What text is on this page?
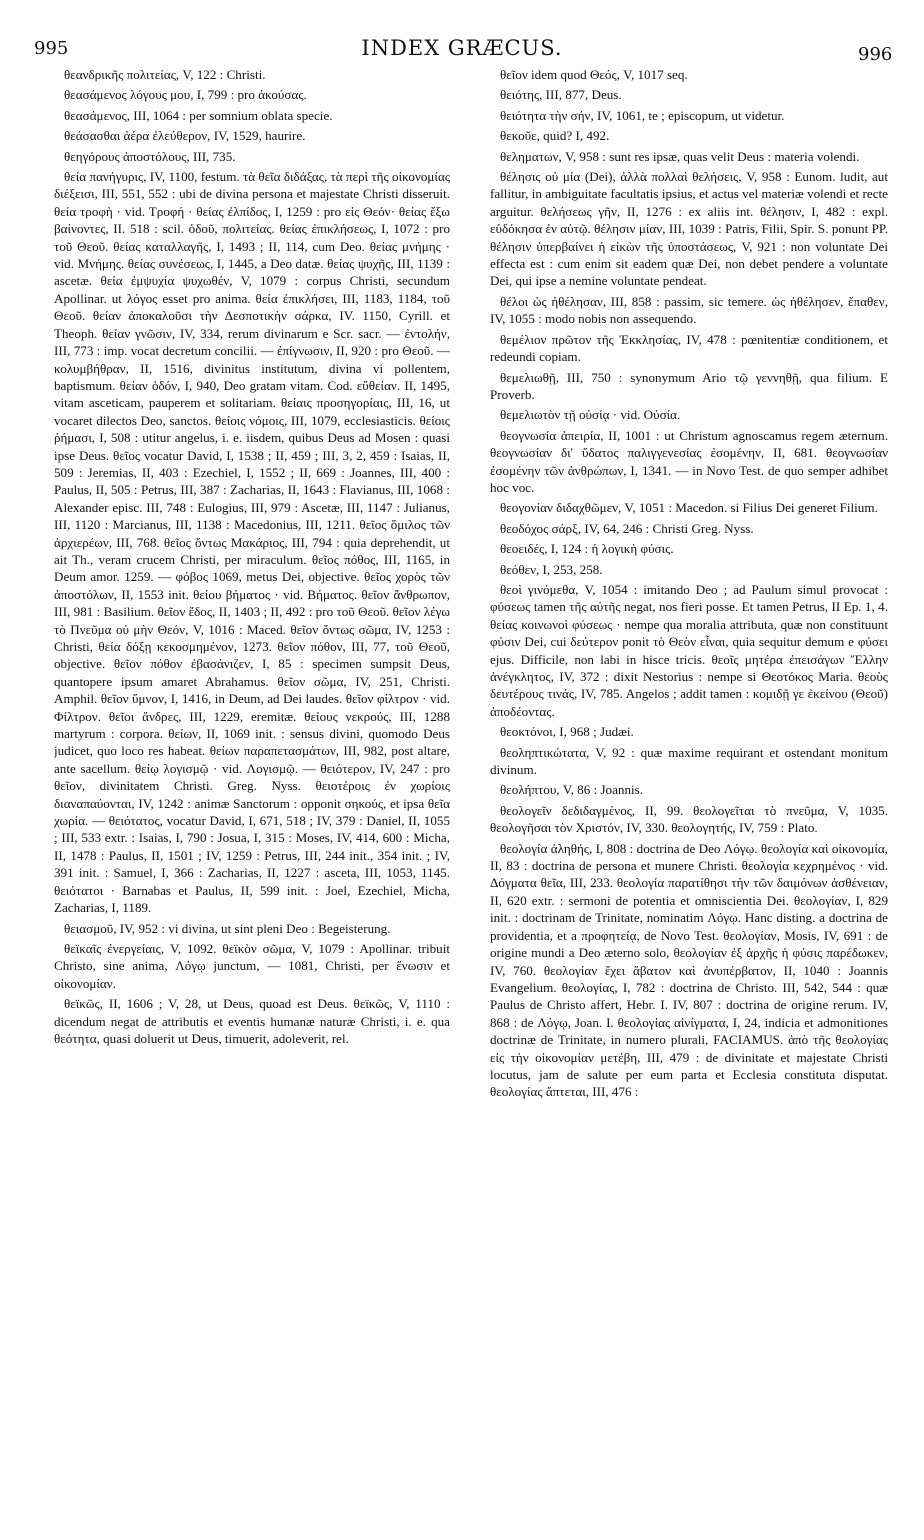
995	INDEX GRÆCUS.	996

θεανδρικῆς πολιτείας, V, 122 : Christi.

θεασάμενος λόγους μου, I, 799 : pro ἀκούσας.

θεασάμενος, III, 1064 : per somnium oblata specie.

θεάσασθαι ἀέρα ἐλεύθερον, IV, 1529, haurire.

θεηγόρους ἀποστόλους, III, 735.

θεία πανήγυρις, IV, 1100, festum. τὰ θεῖα διδάξας, τὰ περὶ τῆς οἰκονομίας διέξεισι, III, 551, 552 : ubi de divina persona et majestate Christi disseruit. θεία τροφὴ · vid. Τροφή · θείας ἐλπίδος, I, 1259 : pro εἰς Θεόν· θείας ἔξω βαίνοντες, II. 518 : scil. ὁδοῦ, πολιτείας. θείας ἐπικλήσεως, I, 1072 : pro τοῦ Θεοῦ. θείας καταλλαγῆς, I, 1493 ; II, 114, cum Deo. θείας μνήμης · vid. Μνήμης. θείας συνέσεως, I, 1445, a Deo datæ. θείας ψυχῆς, III, 1139 : ascetæ. θεία ἐμψυχία ψυχωθέν, V, 1079 : corpus Christi, secundum Apollinar. ut λόγος esset pro anima. θεία ἐπικλήσει, III, 1183, 1184, τοῦ Θεοῦ. θείαν ἀποκαλοῦσι τὴν Δεσποτικὴν σάρκα, IV. 1150, Cyrill. et Theoph. θείαν γνῶσιν, IV, 334, rerum divinarum e Scr. sacr. — ἐντολήν, III, 773 : imp. vocat decretum concilii. — ἐπίγνωσιν, II, 920 : pro Θεοῦ. — κολυμβήθραν, II, 1516, divinitus institutum, divina vi pollentem, baptismum. θείαν ὁδόν, I, 940, Deo gratam vitam. Cod. εὔθείαν. II, 1495, vitam asceticam, pauperem et solitariam. θείαις προσηγορίαις, III, 16, ut vocaret dilectos Deo, sanctos. θείοις νόμοις, III, 1079, ecclesiasticis. θείοις ῥήμασι, I, 508 : utitur angelus, i. e. iisdem, quibus Deus ad Mosen : quasi ipse Deus. θεῖος vocatur David, I, 1538 ; II, 459 ; III, 3, 2, 459 : Isaias, II, 509 : Jeremias, II, 403 : Ezechiel, I, 1552 ; II, 669 : Joannes, III, 400 : Paulus, II, 505 : Petrus, III, 387 : Zacharias, II, 1643 : Flavianus, III, 1068 : Alexander episc. III, 748 : Eulogius, III, 979 : Ascetæ, III, 1147 : Julianus, III, 1120 : Marcianus, III, 1138 : Macedonius, III, 1211. θεῖος ὅμιλος τῶν ἀρχιερέων, III, 768. θεῖος ὄντως Μακάριος, III, 794 : quia deprehendit, ut ait Th., veram crucem Christi, per miraculum. θεῖος πόθος, III, 1165, in Deum amor. 1259. — φόβος 1069, metus Dei, objective. θεῖος χορὸς τῶν ἀποστόλων, II, 1553 init. θείου βήματος · vid. Βήματος. θεῖον ἄνθρωπον, III, 981 : Basilium. θεῖον ἔδος, II, 1403 ; II, 492 : pro τοῦ Θεοῦ. θεῖον λέγω τὸ Πνεῦμα οὐ μὴν Θεόν, V, 1016 : Maced. θεῖον ὄντως σῶμα, IV, 1253 : Christi, θεία δόξῃ κεκοσμημένον, 1273. θεῖον πόθον, III, 77, τοῦ Θεοῦ, objective. θεῖον πόθον ἐβασάνιζεν, I, 85 : specimen sumpsit Deus, quantopere ipsum amaret Abrahamus. θεῖον σῶμα, IV, 251, Christi. Amphil. θεῖον ὕμνον, I, 1416, in Deum, ad Dei laudes. θεῖον φίλτρον · vid. Φίλτρον. θεῖοι ἄνδρες, III, 1229, eremitæ. θείους νεκρούς, III, 1288 martyrum : corpora. θείων, II, 1069 init. : sensus divini, quomodo Deus judicet, quo loco res habeat. θείων παραπετασμάτων, III, 982, post altare, ante sacellum. θείῳ λογισμῷ · vid. Λογισμῷ. — θειότερον, IV, 247 : pro θεῖον, divinitatem Christi. Greg. Nyss. θειοτέροις ἐν χωρίοις διαναπαύονται, IV, 1242 : animæ Sanctorum : opponit σηκούς, et ipsa θεῖα χωρία. — θειότατος, vocatur David, I, 671, 518 ; IV, 379 : Daniel, II, 1055 ; III, 533 extr. : Isaias, I, 790 : Josua, I, 315 : Moses, IV, 414, 600 : Micha, II, 1478 : Paulus, II, 1501 ; IV, 1259 : Petrus, III, 244 init., 354 init. ; IV, 391 init. : Samuel, I, 366 : Zacharias, II, 1227 : asceta, III, 1053, 1145. θειότατοι · Barnabas et Paulus, II, 599 init. : Joel, Ezechiel, Micha, Zacharias, I, 1189.

θειασμοῦ, IV, 952 : vi divina, ut sint pleni Deo : Begeisterung.

θεϊκαῖς ἐνεργείαις, V, 1092. θεϊκὸν σῶμα, V, 1079 : Apollinar. tribuit Christo, sine anima, Λόγῳ junctum, — 1081, Christi, per ἕνωσιν et οἰκονομίαν.

θεϊκῶς, II, 1606 ; V, 28, ut Deus, quoad est Deus. θεϊκῶς, V, 1110 : dicendum negat de attributis et eventis humanæ naturæ Christi, i. e. qua θεότητα, quasi doluerit ut Deus, timuerit, adoleverit, rel.

θεῖον idem quod Θεός, V, 1017 seq.

θειότης, III, 877, Deus.

θειότητα τὴν σήν, IV, 1061, te ; episcopum, ut videtur.

θεκοῦε, quid? I, 492.

θεληματων, V, 958 : sunt res ipsæ, quas velit Deus : materia volendi.

θέλησις οὐ μία (Dei), ἀλλὰ πολλαὶ θελήσεις, V, 958 : Eunom. ludit, aut fallitur, in ambiguitate facultatis ipsius, et actus vel materiæ volendi et recte arguitur. θελήσεως γῆν, II, 1276 : ex aliis int. θέλησιν, I, 482 : expl. εὐδόκησα ἐν αὐτῷ. θέλησιν μίαν, III, 1039 : Patris, Filii, Spir. S. ponunt PP. θέλησιν ὑπερβαίνει ἡ εἰκὼν τῆς ὑποστάσεως, V, 921 : non voluntate Dei effecta est : cum enim sit eadem quæ Dei, non debet pendere a voluntate Dei, qui ipse a nemine voluntate pendeat.

θέλοι ὡς ἠθέλησαν, III, 858 : passim, sic temere. ὡς ἠθέλησεν, ἔπαθεν, IV, 1055 : modo nobis non assequendo.

θεμέλιον πρῶτον τῆς Ἐκκλησίας, IV, 478 : pœnitentiæ conditionem, et redeundi copiam.

θεμελιωθῇ, III, 750 : synonymum Ario τῷ γεννηθῇ, qua filium. E Proverb.

θεμελιωτὸν τῇ οὐσίᾳ · vid. Οὐσία.

θεογνωσία ἀπειρία, II, 1001 : ut Christum agnoscamus regem æternum. θεογνωσίαν δι' ὕδατος παλιγγενεσίας ἐσομένην, II, 681. θεογνωσίαν ἐσομένην τῶν ἀνθρώπων, I, 1341. — in Novo Test. de quo semper adhibet hoc voc.

θεογονίαν διδαχθῶμεν, V, 1051 : Macedon. si Filius Dei generet Filium.

θεοδόχος σάρξ, IV, 64, 246 : Christi Greg. Nyss.

θεοειδές, I, 124 : ἡ λογικὴ φύσις.

θεόθεν, I, 253, 258.

θεοὶ γινόμεθα, V, 1054 : imitando Deo ; ad Paulum simul provocat : φύσεως tamen τῆς αὐτῆς negat, nos fieri posse. Et tamen Petrus, II Ep. 1, 4. θείας κοινωνοὶ φύσεως · nempe qua moralia attributa, quæ non constituunt φύσιν Dei, cui δεύτερον ponit τὸ Θεὸν εἶναι, quia sequitur demum e φύσει ejus. Difficile, non labi in hisce tricis. θεοῖς μητέρα ἐπεισάγων Ἕλλην ἀνέγκλητος, IV, 372 : dixit Nestorius : nempe si Θεοτόκος Maria. θεοὺς δευτέρους τινάς, IV, 785. Angelos ; addit tamen : κομιδῇ γε ἐκείνου (Θεοῦ) ἀποδέοντας.

θεοκτόνοι, I, 968 ; Judæi.

θεοληπτικώτατα, V, 92 : quæ maxime requirant et ostendant monitum divinum.

θεολήπτου, V, 86 : Joannis.

θεολογεῖν δεδιδαγμένος, II, 99. θεολογεῖται τὸ πνεῦμα, V, 1035. θεολογῆσαι τὸν Χριστόν, IV, 330. θεολογητής, IV, 759 : Plato.

θεολογία ἀληθής, I, 808 : doctrina de Deo Λόγῳ. θεολογία καὶ οἰκονομία, II, 83 : doctrina de persona et munere Christi. θεολογία κεχρημένος · vid. Δόγματα θεῖα, III, 233. θεολογία παρατίθησι τὴν τῶν δαιμόνων ἀσθένειαν, II, 620 extr. : sermoni de potentia et omniscientia Dei. θεολογίαν, I, 829 init. : doctrinam de Trinitate, nominatim Λόγῳ. Hanc disting. a doctrina de providentia, et a προφητείᾳ, de Novo Test. θεολογίαν, Mosis, IV, 691 : de origine mundi a Deo æterno solo, θεολογίαν ἐξ ἀρχῆς ἡ φύσις παρέδωκεν, IV, 760. θεολογίαν ἔχει ἄβατον καὶ ἀνυπέρβατον, II, 1040 : Joannis Evangelium. θεολογίας, I, 782 : doctrina de Christo. III, 542, 544 : quæ Paulus de Christo affert, Hebr. I. IV, 807 : doctrina de origine rerum. IV, 868 : de Λόγῳ, Joan. I. θεολογίας αἰνίγματα, I, 24, indicia et admonitiones doctrinæ de Trinitate, in numero plurali, FACIAMUS. ἀπὸ τῆς θεολογίας εἰς τὴν οἰκονομίαν μετέβη, III, 479 : de divinitate et majestate Christi locutus, jam de salute per eum parta et Ecclesia constituta disputat. θεολογίας ἅπτεται, III, 476 :
